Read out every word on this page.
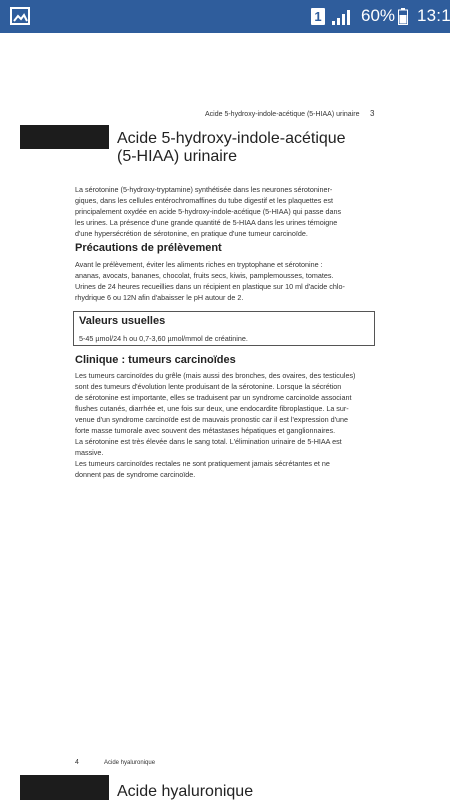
1 60% 13:15
Acide 5-hydroxy-indole-acétique (5-HIAA) urinaire 3
Acide 5-hydroxy-indole-acétique
(5-HIAA) urinaire
La sérotonine (5-hydroxy-tryptamine) synthétisée dans les neurones sérotoniner-
giques, dans les cellules entérochromaffines du tube digestif et les plaquettes est
principalement oxydée en acide 5-hydroxy-indole-acétique (5-HIAA) qui passe dans
les urines. La présence d'une grande quantité de 5-HIAA dans les urines témoigne
d'une hypersécrétion de sérotonine, en pratique d'une tumeur carcinoïde.
Précautions de prélèvement
Avant le prélèvement, éviter les aliments riches en tryptophane et sérotonine :
ananas, avocats, bananes, chocolat, fruits secs, kiwis, pamplemousses, tomates.
Urines de 24 heures recueillies dans un récipient en plastique sur 10 ml d'acide chlo-
rhydrique 6 ou 12N afin d'abaisser le pH autour de 2.
Valeurs usuelles
5-45 µmol/24 h ou 0,7-3,60 µmol/mmol de créatinine.
Clinique : tumeurs carcinoïdes
Les tumeurs carcinoïdes du grêle (mais aussi des bronches, des ovaires, des testicules)
sont des tumeurs d'évolution lente produisant de la sérotonine. Lorsque la sécrétion
de sérotonine est importante, elles se traduisent par un syndrome carcinoïde associant
flushes cutanés, diarrhée et, une fois sur deux, une endocardite fibroplastique. La sur-
venue d'un syndrome carcinoïde est de mauvais pronostic car il est l'expression d'une
forte masse tumorale avec souvent des métastases hépatiques et ganglionnaires.
La sérotonine est très élevée dans le sang total. L'élimination urinaire de 5-HIAA est
massive.
Les tumeurs carcinoïdes rectales ne sont pratiquement jamais sécrétantes et ne
donnent pas de syndrome carcinoïde.
4	Acide hyaluronique
Acide hyaluronique
